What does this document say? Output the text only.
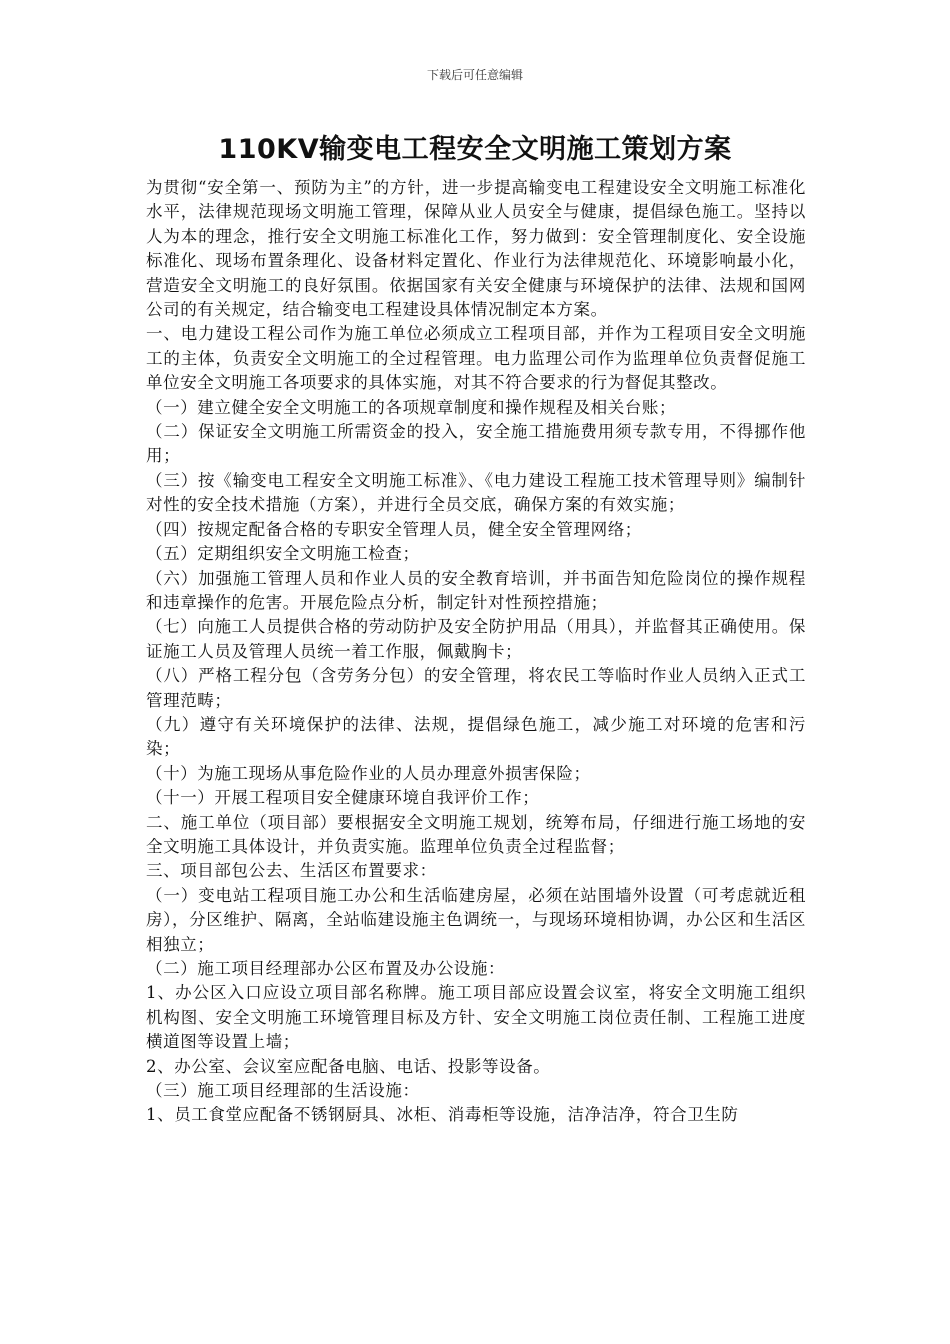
下载后可任意编辑
110KV输变电工程安全文明施工策划方案

为贯彻“安全第一、预防为主”的方针，进一步提高输变电工程建设安全文明施工标准化水平，法律规范现场文明施工管理，保障从业人员安全与健康，提倡绿色施工。坚持以人为本的理念，推行安全文明施工标准化工作，努力做到：安全管理制度化、安全设施标准化、现场布置条理化、设备材料定置化、作业行为法律规范化、环境影响最小化，营造安全文明施工的良好氛围。依据国家有关安全健康与环境保护的法律、法规和国网公司的有关规定，结合输变电工程建设具体情况制定本方案。

一、电力建设工程公司作为施工单位必须成立工程项目部，并作为工程项目安全文明施工的主体，负责安全文明施工的全过程管理。电力监理公司作为监理单位负责督促施工单位安全文明施工各项要求的具体实施，对其不符合要求的行为督促其整改。

（一）建立健全安全文明施工的各项规章制度和操作规程及相关台账；

（二）保证安全文明施工所需资金的投入，安全施工措施费用须专款专用，不得挪作他用；

（三）按《输变电工程安全文明施工标准》、《电力建设工程施工技术管理导则》编制针对性的安全技术措施（方案），并进行全员交底，确保方案的有效实施；

（四）按规定配备合格的专职安全管理人员，健全安全管理网络；

（五）定期组织安全文明施工检查；

（六）加强施工管理人员和作业人员的安全教育培训，并书面告知危险岗位的操作规程和违章操作的危害。开展危险点分析，制定针对性预控措施；

（七）向施工人员提供合格的劳动防护及安全防护用品（用具），并监督其正确使用。保证施工人员及管理人员统一着工作服，佩戴胸卡；

（八）严格工程分包（含劳务分包）的安全管理，将农民工等临时作业人员纳入正式工管理范畴；

（九）遵守有关环境保护的法律、法规，提倡绿色施工，减少施工对环境的危害和污染；

（十）为施工现场从事危险作业的人员办理意外损害保险；

（十一）开展工程项目安全健康环境自我评价工作；

二、施工单位（项目部）要根据安全文明施工规划，统筹布局，仔细进行施工场地的安全文明施工具体设计，并负责实施。监理单位负责全过程监督；

三、项目部包公去、生活区布置要求：

（一）变电站工程项目施工办公和生活临建房屋，必须在站围墙外设置（可考虑就近租房），分区维护、隔离，全站临建设施主色调统一，与现场环境相协调，办公区和生活区相独立；

（二）施工项目经理部办公区布置及办公设施：

1、办公区入口应设立项目部名称牌。施工项目部应设置会议室，将安全文明施工组织机构图、安全文明施工环境管理目标及方针、安全文明施工岗位责任制、工程施工进度横道图等设置上墙；

2、办公室、会议室应配备电脑、电话、投影等设备。

（三）施工项目经理部的生活设施：

1、员工食堂应配备不锈钢厨具、冰柜、消毒柜等设施，洁净洁净，符合卫生防
